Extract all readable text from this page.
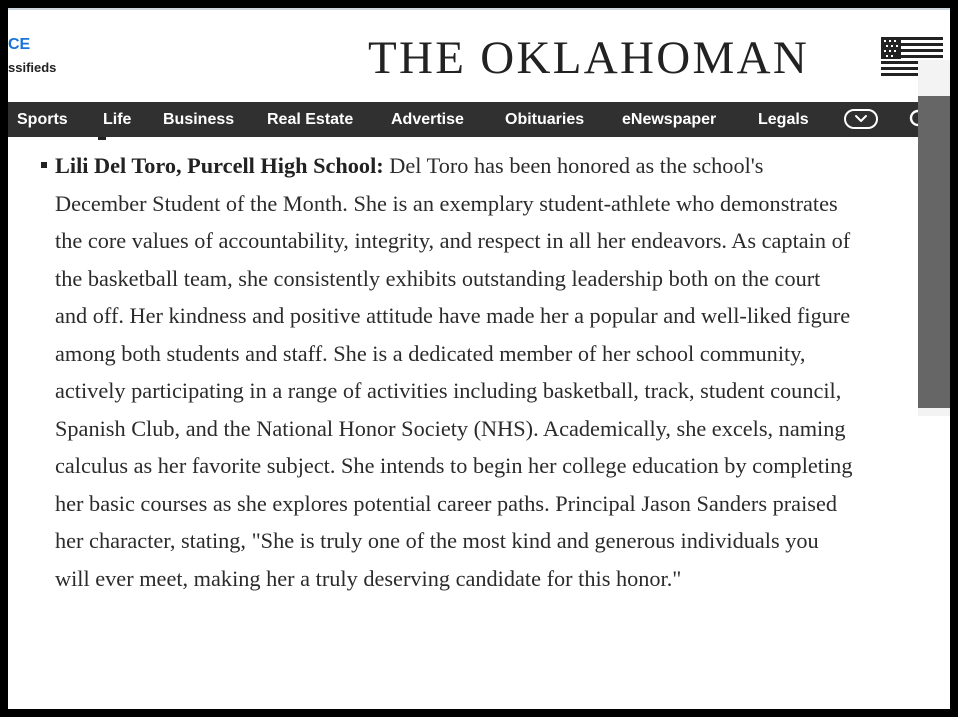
CE
ssifieds	THE OKLAHOMAN
Sports Life Business Real Estate Advertise	Obituaries eNewspaper	Legals

Lili Del Toro, Purcell High School: Del Toro has been honored as the school's December Student of the Month. She is an exemplary student-athlete who demonstrates the core values of accountability, integrity, and respect in all her endeavors. As captain of the basketball team, she consistently exhibits outstanding leadership both on the court and off. Her kindness and positive attitude have made her a popular and well-liked figure among both students and staff. She is a dedicated member of her school community, actively participating in a range of activities including basketball, track, student council, Spanish Club, and the National Honor Society (NHS). Academically, she excels, naming calculus as her favorite subject. She intends to begin her college education by completing her basic courses as she explores potential career paths. Principal Jason Sanders praised her character, stating, "She is truly one of the most kind and generous individuals you will ever meet, making her a truly deserving candidate for this honor."
